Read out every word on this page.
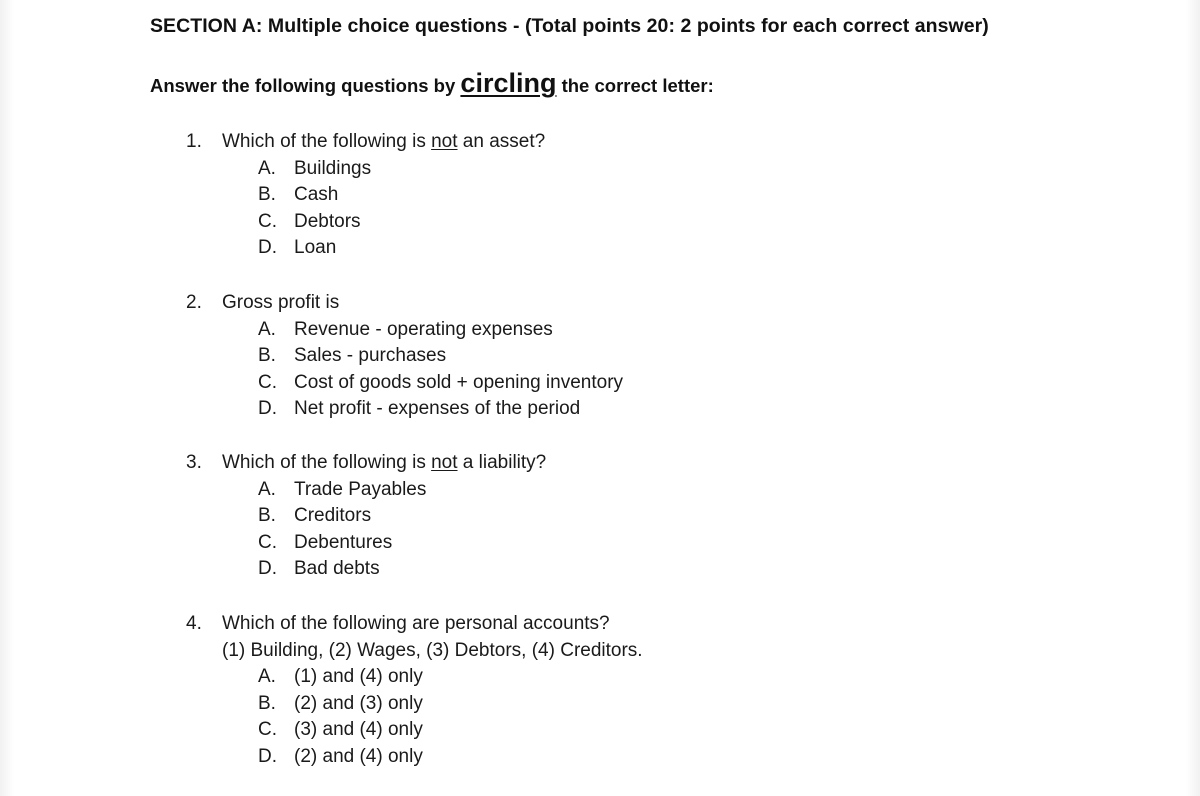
SECTION A: Multiple choice questions - (Total points 20: 2 points for each correct answer)
Answer the following questions by circling the correct letter:
1.	Which of the following is not an asset?
A. Buildings
B. Cash
C. Debtors
D. Loan
2.	Gross profit is
A. Revenue - operating expenses
B. Sales - purchases
C. Cost of goods sold + opening inventory
D. Net profit - expenses of the period
3.	Which of the following is not a liability?
A. Trade Payables
B. Creditors
C. Debentures
D. Bad debts
4.	Which of the following are personal accounts?
(1) Building, (2) Wages, (3) Debtors, (4) Creditors.
A. (1) and (4) only
B. (2) and (3) only
C. (3) and (4) only
D. (2) and (4) only
